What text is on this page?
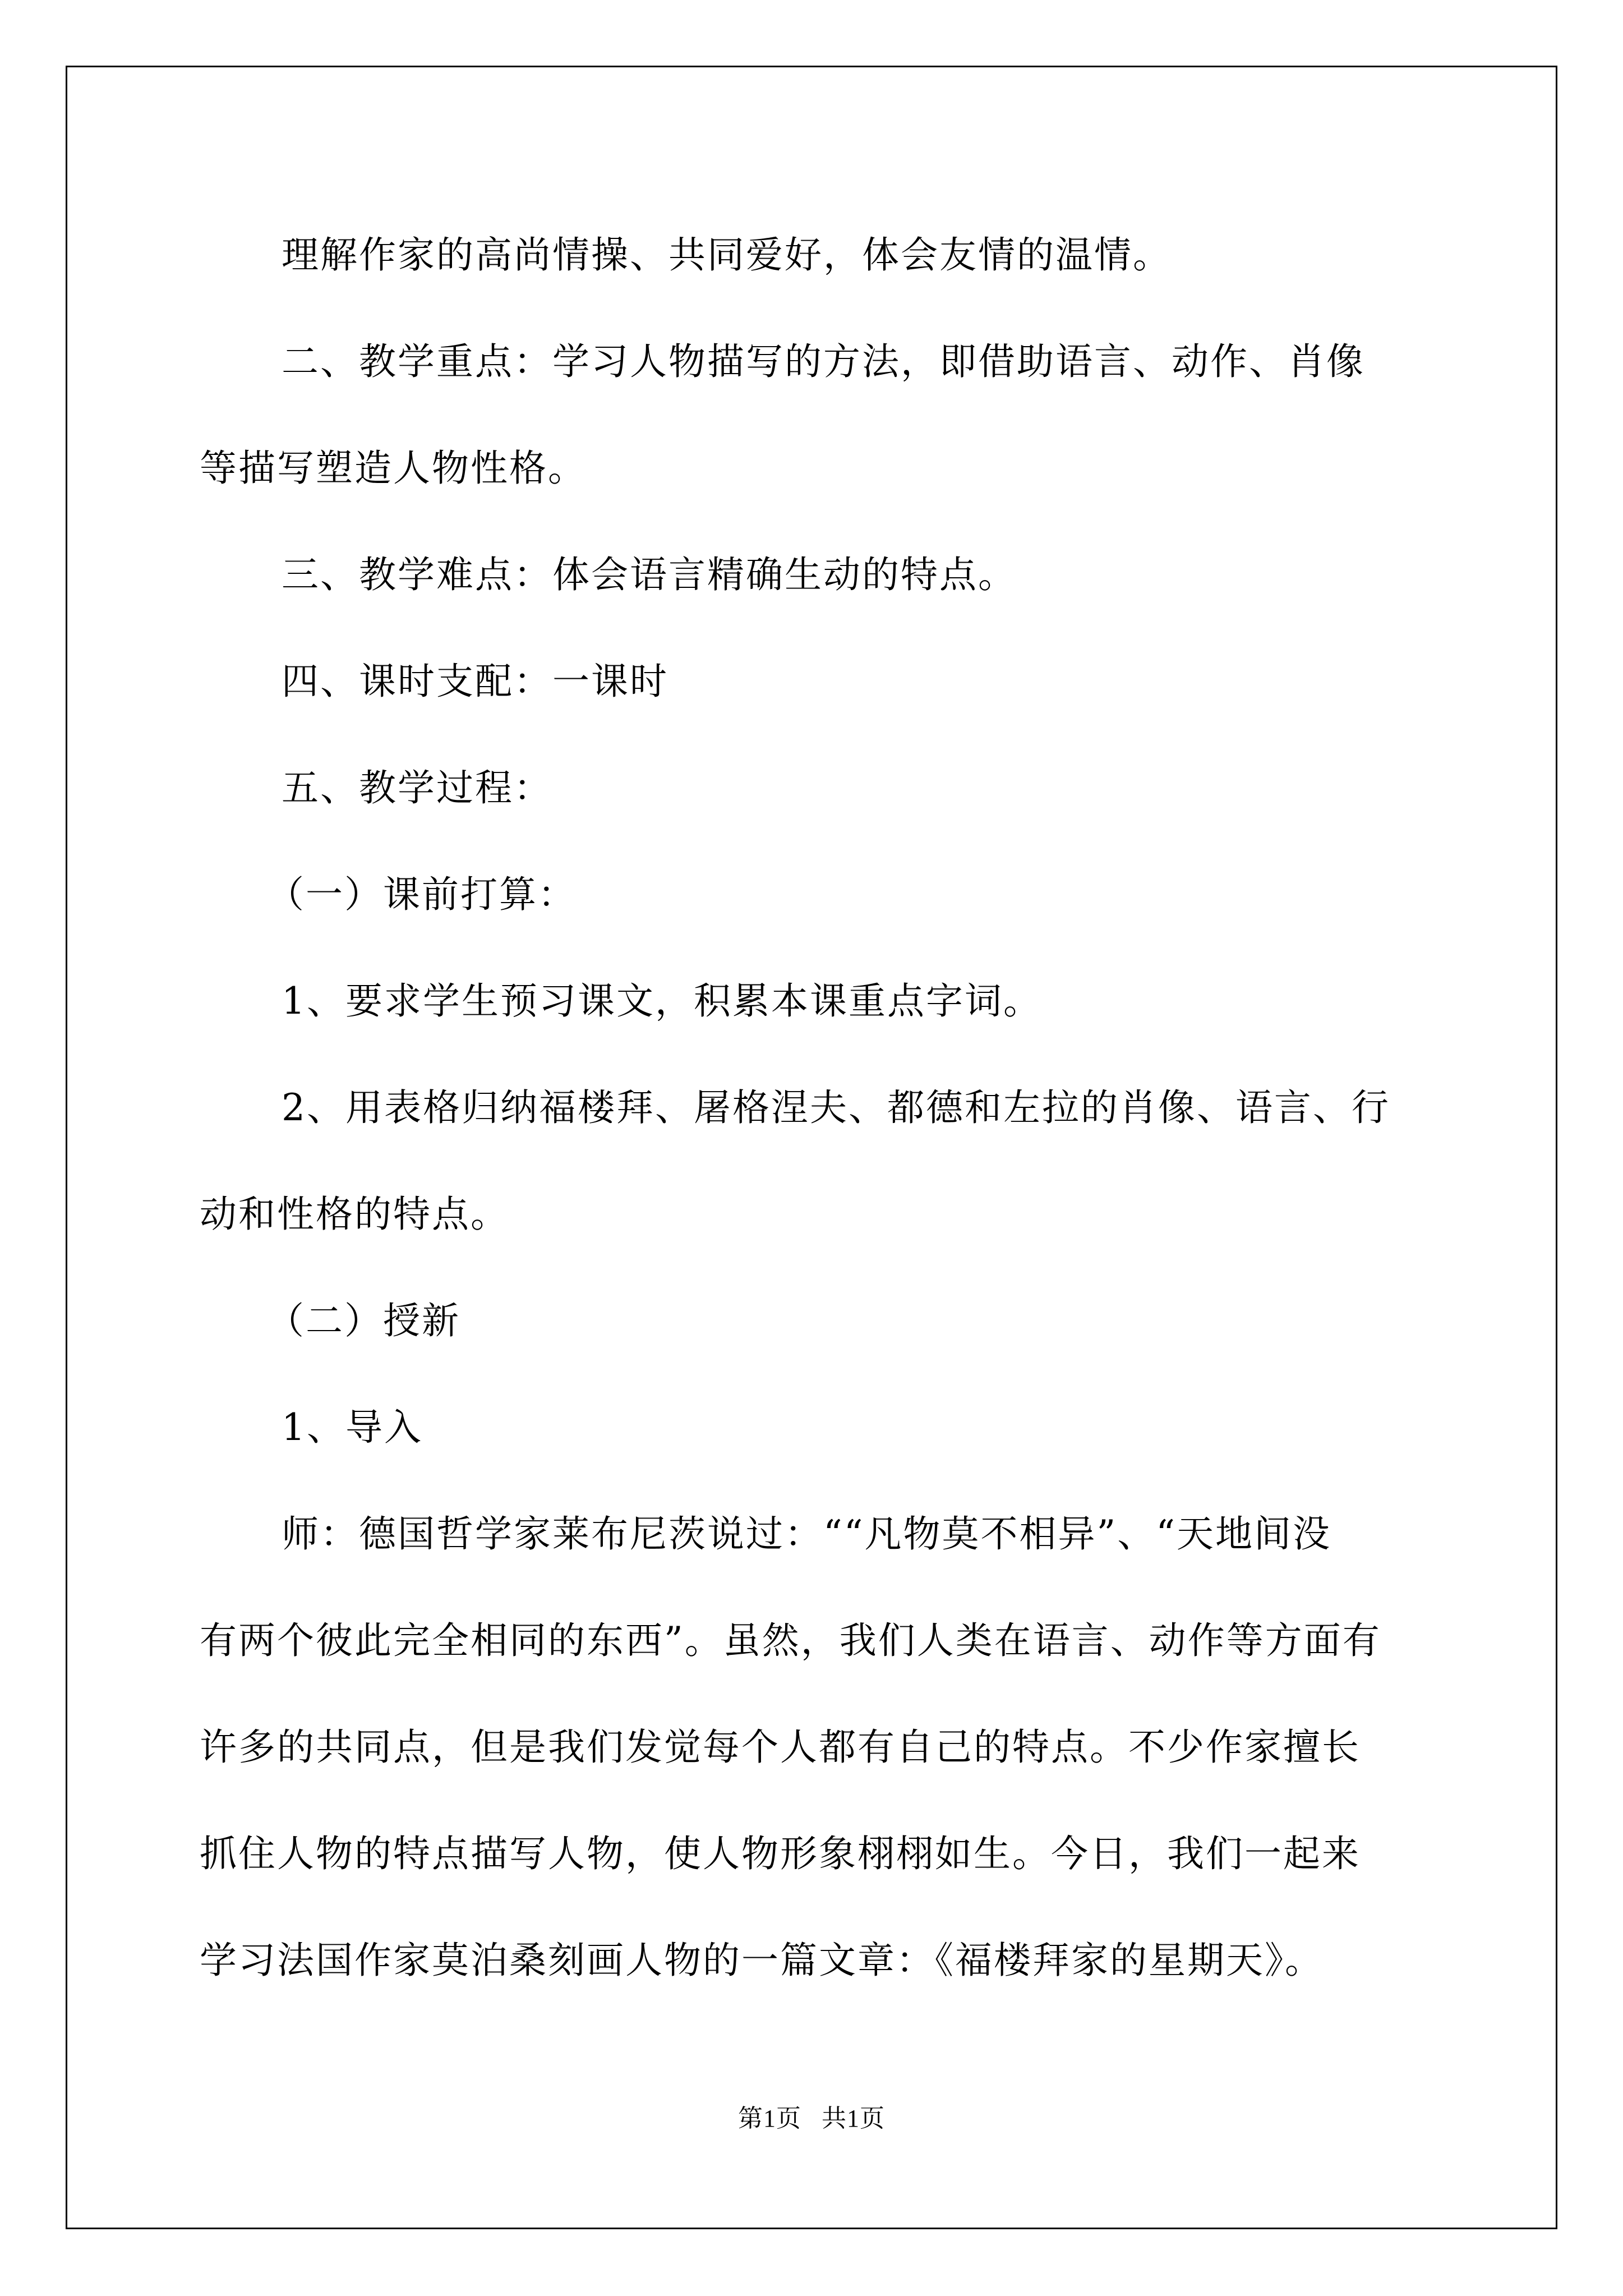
理解作家的高尚情操、共同爱好，体会友情的温情。

二、教学重点：学习人物描写的方法，即借助语言、动作、肖像
等描写塑造人物性格。

三、教学难点：体会语言精确生动的特点。

四、课时支配：一课时

五、教学过程：

（一）课前打算：

1、要求学生预习课文，积累本课重点字词。

2、用表格归纳福楼拜、屠格涅夫、都德和左拉的肖像、语言、行
动和性格的特点。

（二）授新

1、导入

师：德国哲学家莱布尼茨说过：““凡物莫不相异”、“天地间没
有两个彼此完全相同的东西”。虽然，我们人类在语言、动作等方面有
许多的共同点，但是我们发觉每个人都有自己的特点。不少作家擅长
抓住人物的特点描写人物，使人物形象栩栩如生。今日，我们一起来
学习法国作家莫泊桑刻画人物的一篇文章：《福楼拜家的星期天》。

第1页 共1页
